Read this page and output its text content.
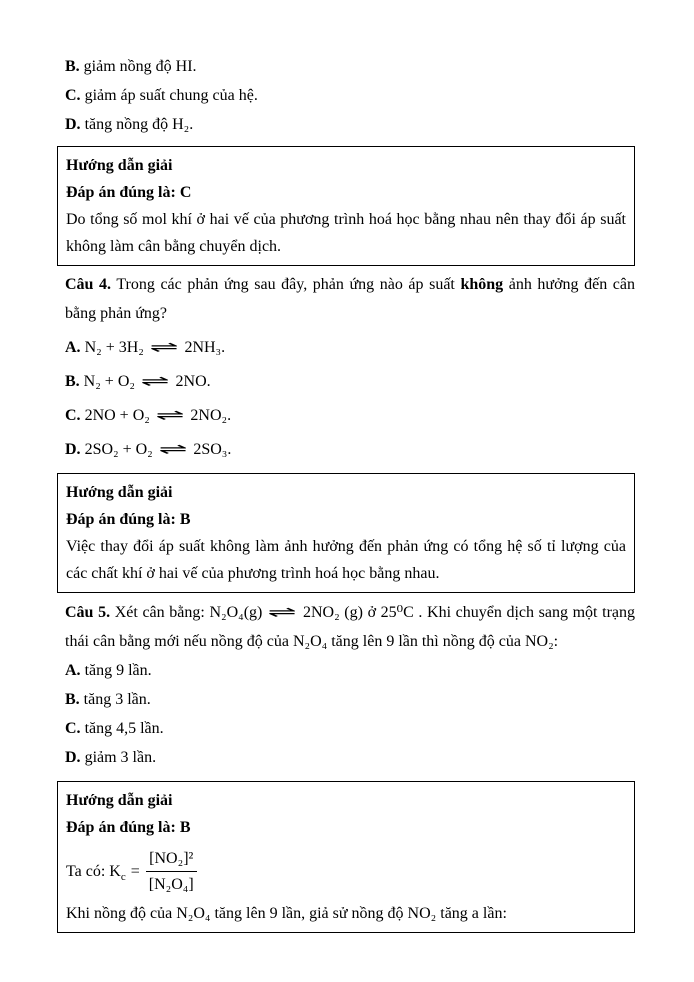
B. giảm nồng độ HI.

C. giảm áp suất chung của hệ.

D. tăng nồng độ H₂.

Hướng dẫn giải

Đáp án đúng là: C

Do tổng số mol khí ở hai vế của phương trình hoá học bằng nhau nên thay đổi áp suất không làm cân bằng chuyển dịch.

Câu 4. Trong các phản ứng sau đây, phản ứng nào áp suất không ảnh hưởng đến cân bằng phản ứng?

A. N₂ + 3H₂ ⇌ 2NH₃.

B. N₂ + O₂ ⇌ 2NO.

C. 2NO + O₂ ⇌ 2NO₂.

D. 2SO₂ + O₂ ⇌ 2SO₃.

Hướng dẫn giải

Đáp án đúng là: B

Việc thay đổi áp suất không làm ảnh hưởng đến phản ứng có tổng hệ số tỉ lượng của các chất khí ở hai vế của phương trình hoá học bằng nhau.

Câu 5. Xét cân bằng: N₂O₄(g) ⇌ 2NO₂ (g) ở 25⁰C . Khi chuyển dịch sang một trạng thái cân bằng mới nếu nồng độ của N₂O₄ tăng lên 9 lần thì nồng độ của NO₂:

A. tăng 9 lần.

B. tăng 3 lần.

C. tăng 4,5 lần.

D. giảm 3 lần.

Hướng dẫn giải

Đáp án đúng là: B

Ta có: $K_c = \frac{\text{[NO₂]²}}{\text{[N₂O₄]}}$

Khi nồng độ của N₂O₄ tăng lên 9 lần, giả sử nồng độ NO₂ tăng a lần:
